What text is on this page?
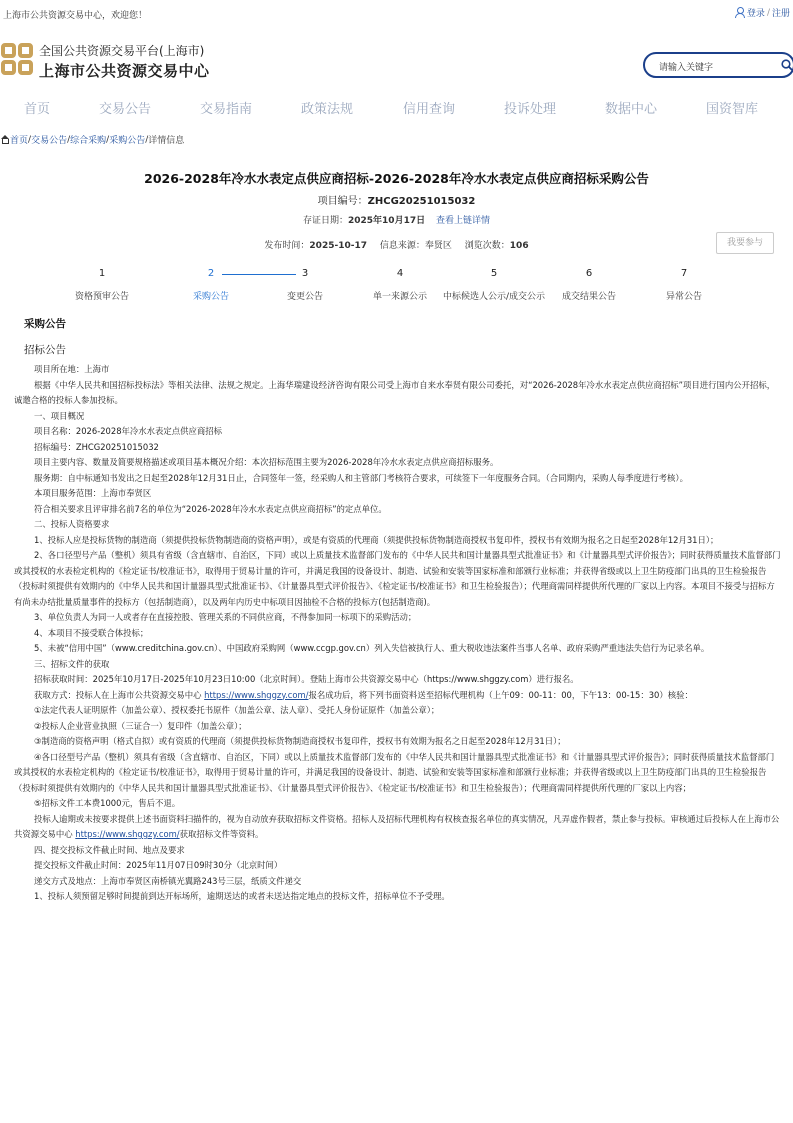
上海市公共资源交易中心，欢迎您！	登录 / 注册
全国公共资源交易平台(上海市)
上海市公共资源交易中心	请输入关键字
首页	交易公告	交易指南	政策法规	信用查询	投诉处理	数据中心	国资智库
首页 / 交易公告 / 综合采购 / 采购公告 / 详情信息
2026-2028年冷水水表定点供应商招标-2026-2028年冷水水表定点供应商招标采购公告
项目编号：ZHCG20251015032
存证日期：2025年10月17日 查看上链详情
发布时间：2025-10-17 信息来源：奉贤区 浏览次数：106	我要参与
1
资格预审公告
2
采购公告
3
变更公告
4
单一来源公示
5
中标候选人公示/成交公示
6
成交结果公告
7
异常公告
采购公告
招标公告

项目所在地：上海市

根据《中华人民共和国招标投标法》等相关法律、法规之规定。上海华瑞建设经济咨询有限公司受上海市自来水奉贤有限公司委托，对“2026-2028年冷水水表定点供应商招标”项目进行国内公开招标，诚邀合格的投标人参加投标。

一、项目概况

项目名称：2026-2028年冷水水表定点供应商招标

招标编号：ZHCG20251015032

项目主要内容、数量及简要规格描述或项目基本概况介绍：本次招标范围主要为2026-2028年冷水水表定点供应商招标服务。

服务期：自中标通知书发出之日起至2028年12月31日止，合同签年一签，经采购人和主管部门考核符合要求，可续签下一年度服务合同。（合同期内，采购人每季度进行考核）。

本项目服务范围：上海市奉贤区

符合相关要求且评审排名前7名的单位为“2026-2028年冷水水表定点供应商招标”的定点单位。

二、投标人资格要求

1、投标人应是投标货物的制造商（须提供投标货物制造商的资格声明），或是有资质的代理商（须提供投标货物制造商授权书复印件，授权书有效期为报名之日起至2028年12月31日）；

2、各口径型号产品（整机）须具有省级（含直辖市、自治区，下同）或以上质量技术监督部门发布的《中华人民共和国计量器具型式批准证书》和《计量器具型式评价报告》；同时获得质量技术监督部门或其授权的水表检定机构的《检定证书/校准证书》，取得用于贸易计量的许可，并满足我国的设备设计、制造、试验和安装等国家标准和部颁行业标准；并获得省级或以上卫生防疫部门出具的卫生检验报告（投标时须提供有效期内的《中华人民共和国计量器具型式批准证书》、《计量器具型式评价报告》、《检定证书/校准证书》和卫生检验报告）；代理商需同样提供所代理的厂家以上内容。本项目不接受与招标方有尚未办结批量质量事件的投标方（包括制造商），以及两年内历史中标项目因抽检不合格的投标方(包括制造商)。

3、单位负责人为同一人或者存在直接控股、管理关系的不同供应商，不得参加同一标项下的采购活动；

4、本项目不接受联合体投标；

5、未被“信用中国”（www.creditchina.gov.cn）、中国政府采购网（www.ccgp.gov.cn）列入失信被执行人、重大税收违法案件当事人名单、政府采购严重违法失信行为记录名单。

三、招标文件的获取

招标获取时间：2025年10月17日-2025年10月23日10:00（北京时间）。登陆上海市公共资源交易中心（https://www.shggzy.com）进行报名。

获取方式：投标人在上海市公共资源交易中心 https://www.shggzy.com/报名成功后，将下列书面资料送至招标代理机构（上午09：00-11：00，下午13：00-15：30）核验：

①法定代表人证明原件（加盖公章）、授权委托书原件（加盖公章、法人章）、受托人身份证原件（加盖公章）；

②投标人企业营业执照（三证合一）复印件（加盖公章）；

③制造商的资格声明（格式自拟）或有资质的代理商（须提供投标货物制造商授权书复印件，授权书有效期为报名之日起至2028年12月31日）；

④各口径型号产品（整机）须具有省级（含直辖市、自治区，下同）或以上质量技术监督部门发布的《中华人民共和国计量器具型式批准证书》和《计量器具型式评价报告》；同时获得质量技术监督部门或其授权的水表检定机构的《检定证书/校准证书》，取得用于贸易计量的许可，并满足我国的设备设计、制造、试验和安装等国家标准和部颁行业标准；并获得省级或以上卫生防疫部门出具的卫生检验报告（投标时须提供有效期内的《中华人民共和国计量器具型式批准证书》、《计量器具型式评价报告》、《检定证书/校准证书》和卫生检验报告）；代理商需同样提供所代理的厂家以上内容；

⑤招标文件工本费1000元，售后不退。

投标人逾期或未按要求提供上述书面资料扫描件的，视为自动放弃获取招标文件资格。招标人及招标代理机构有权核查报名单位的真实情况，凡弄虚作假者，禁止参与投标。审核通过后投标人在上海市公共资源交易中心 https://www.shggzy.com/获取招标文件等资料。

四、提交投标文件截止时间、地点及要求

提交投标文件截止时间：2025年11月07日09时30分（北京时间）

递交方式及地点：上海市奉贤区南桥镇光翼路243号三层，纸质文件递交

1、投标人须预留足够时间提前到达开标场所，逾期送达的或者未送达指定地点的投标文件，招标单位不予受理。
